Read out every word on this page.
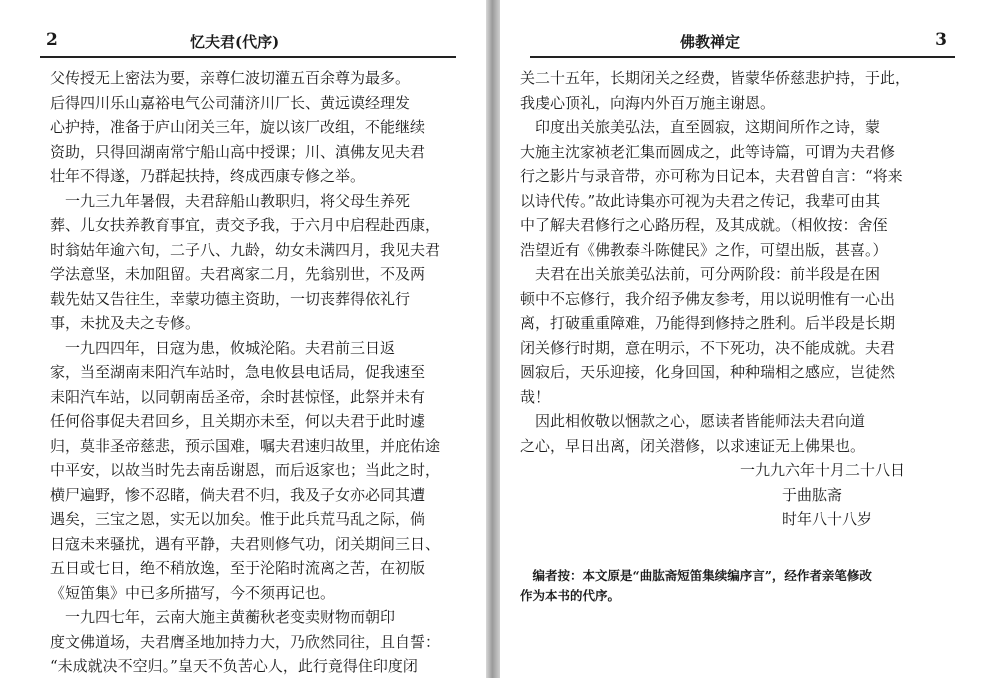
2	忆夫君(代序)
父传授无上密法为要，亲尊仁波切灌五百余尊为最多。
后得四川乐山嘉裕电气公司蒲济川厂长、黄远谟经理发
心护持，准备于庐山闭关三年，旋以该厂改组，不能继续
资助，只得回湖南常宁船山高中授课；川、滇佛友见夫君
壮年不得遂，乃群起扶持，终成西康专修之举。
　一九三九年暑假，夫君辞船山教职归，将父母生养死
葬、儿女扶养教育事宜，责交予我，于六月中启程赴西康，
时翁姑年逾六旬，二子八、九龄，幼女未满四月，我见夫君
学法意坚，未加阻留。夫君离家二月，先翁别世，不及两
载先姑又告往生，幸蒙功德主资助，一切丧葬得依礼行
事，未扰及夫之专修。
　一九四四年，日寇为患，攸城沦陷。夫君前三日返
家，当至湖南耒阳汽车站时，急电攸县电话局，促我速至
耒阳汽车站，以同朝南岳圣帝，余时甚惊怪，此祭并未有
任何俗事促夫君回乡，且关期亦未至，何以夫君于此时遽
归，莫非圣帝慈悲，预示国难，嘱夫君速归故里，并庇佑途
中平安，以故当时先去南岳谢恩，而后返家也；当此之时，
横尸遍野，惨不忍睹，倘夫君不归，我及子女亦必同其遭
遇矣，三宝之恩，实无以加矣。惟于此兵荒马乱之际，倘
日寇未来骚扰，遇有平静，夫君则修气功，闭关期间三日、
五日或七日，绝不稍放逸，至于沦陷时流离之苦，在初版
《短笛集》中已多所描写，今不须再记也。
　一九四七年，云南大施主黄蘅秋老变卖财物而朝印
度文佛道场，夫君膺圣地加持力大，乃欣然同往，且自誓：
“未成就决不空归。”皇天不负苦心人，此行竟得住印度闭
佛教禅定	3
关二十五年，长期闭关之经费，皆蒙华侨慈悲护持，于此，
我虔心顶礼，向海内外百万施主谢恩。
　印度出关旅美弘法，直至圆寂，这期间所作之诗，蒙
大施主沈家祯老汇集而圆成之，此等诗篇，可谓为夫君修
行之影片与录音带，亦可称为日记本，夫君曾自言：“将来
以诗代传。”故此诗集亦可视为夫君之传记，我辈可由其
中了解夫君修行之心路历程，及其成就。（相攸按：舍侄
浩望近有《佛教泰斗陈健民》之作，可望出版，甚喜。）
　夫君在出关旅美弘法前，可分两阶段：前半段是在困
顿中不忘修行，我介绍予佛友参考，用以说明惟有一心出
离，打破重重障难，乃能得到修持之胜利。后半段是长期
闭关修行时期，意在明示，不下死功，决不能成就。夫君
圆寂后，天乐迎接，化身回国，种种瑞相之感应，岂徒然
哉！
　因此相攸敬以悃款之心，愿读者皆能师法夫君向道
之心，早日出离，闭关潜修，以求速证无上佛果也。
一九九六年十月二十八日
于曲肱斋
时年八十八岁
　编者按：本文原是“曲肱斋短笛集续编序言”，经作者亲笔修改
作为本书的代序。
